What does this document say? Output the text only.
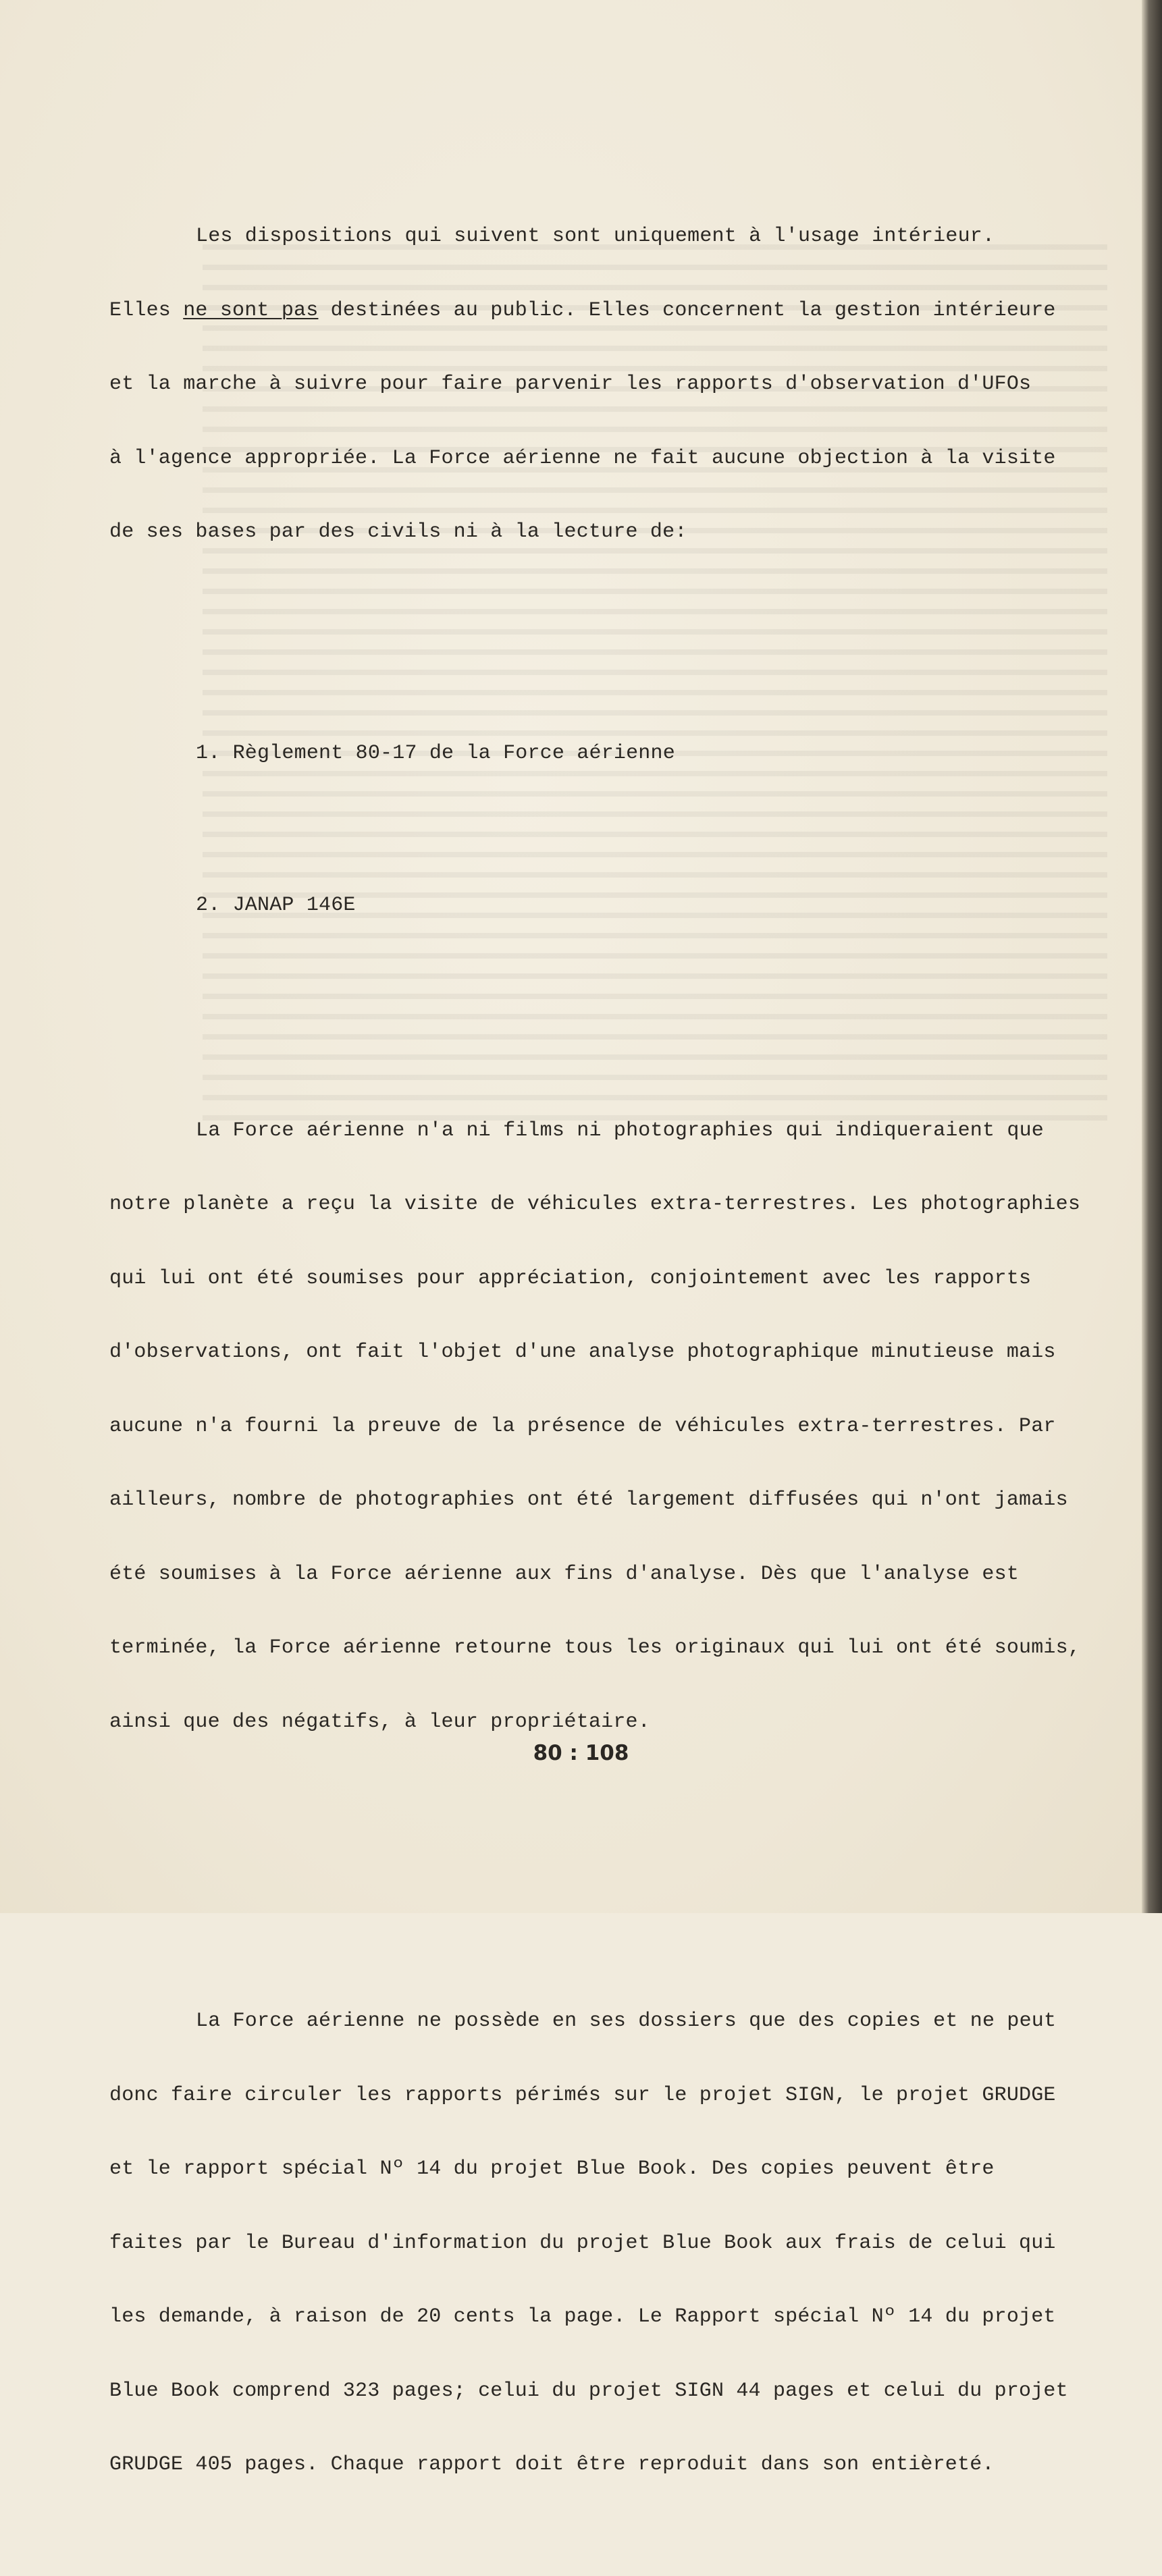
Les dispositions qui suivent sont uniquement à l'usage intérieur.

Elles ne sont pas destinées au public. Elles concernent la gestion intérieure

et la marche à suivre pour faire parvenir les rapports d'observation d'UFOs

à l'agence appropriée. La Force aérienne ne fait aucune objection à la visite

de ses bases par des civils ni à la lecture de:

1. Règlement 80-17 de la Force aérienne

2. JANAP 146E

La Force aérienne n'a ni films ni photographies qui indiqueraient que

notre planète a reçu la visite de véhicules extra-terrestres. Les photographies

qui lui ont été soumises pour appréciation, conjointement avec les rapports

d'observations, ont fait l'objet d'une analyse photographique minutieuse mais

aucune n'a fourni la preuve de la présence de véhicules extra-terrestres. Par

ailleurs, nombre de photographies ont été largement diffusées qui n'ont jamais

été soumises à la Force aérienne aux fins d'analyse. Dès que l'analyse est

terminée, la Force aérienne retourne tous les originaux qui lui ont été soumis,

ainsi que des négatifs, à leur propriétaire.

La Force aérienne ne possède en ses dossiers que des copies et ne peut

donc faire circuler les rapports périmés sur le projet SIGN, le projet GRUDGE

et le rapport spécial Nº 14 du projet Blue Book. Des copies peuvent être

faites par le Bureau d'information du projet Blue Book aux frais de celui qui

les demande, à raison de 20 cents la page. Le Rapport spécial Nº 14 du projet

Blue Book comprend 323 pages; celui du projet SIGN 44 pages et celui du projet

GRUDGE 405 pages. Chaque rapport doit être reproduit dans son entièreté.

80 : 108
